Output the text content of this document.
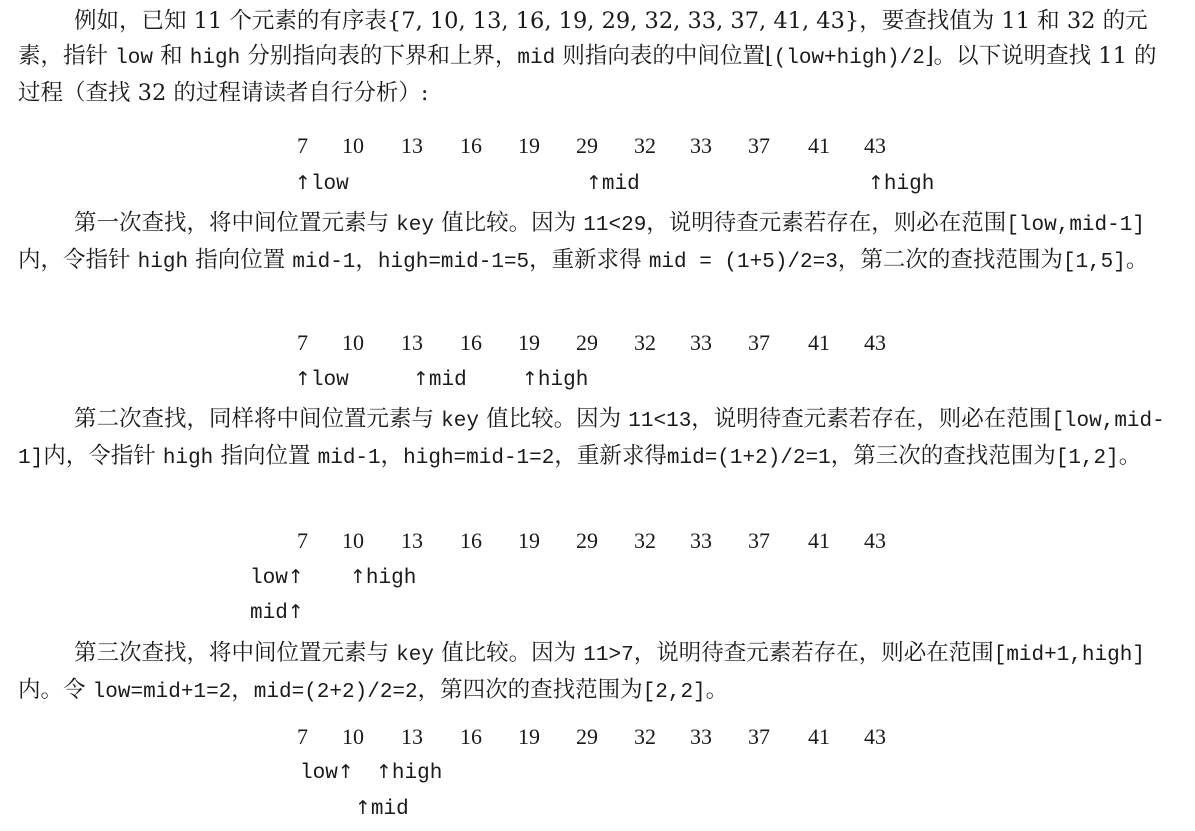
例如，已知 11 个元素的有序表{7, 10, 13, 16, 19, 29, 32, 33, 37, 41, 43}，要查找值为 11 和 32 的元素，指针 low 和 high 分别指向表的下界和上界，mid 则指向表的中间位置⌊(low+high)/2⌋。以下说明查找 11 的过程（查找 32 的过程请读者自行分析）:

7 10 13 16 19 29 32 33 37 41 43
↑low	↑mid	↑high

第一次查找，将中间位置元素与 key 值比较。因为 11<29，说明待查元素若存在，则必在范围[low,mid-1]内，令指针 high 指向位置 mid-1，high=mid-1=5，重新求得 mid = (1+5)/2=3，第二次的查找范围为[1,5]。

7 10 13 16 19 29 32 33 37 41 43
↑low	↑mid	↑high

第二次查找，同样将中间位置元素与 key 值比较。因为 11<13，说明待查元素若存在，则必在范围[low,mid-1]内，令指针 high 指向位置 mid-1，high=mid-1=2，重新求得mid=(1+2)/2=1，第三次的查找范围为[1,2]。

7 10 13 16 19 29 32 33 37 41 43
low↑ ↑high
mid↑

第三次查找，将中间位置元素与 key 值比较。因为 11>7，说明待查元素若存在，则必在范围[mid+1,high]内。令 low=mid+1=2，mid=(2+2)/2=2，第四次的查找范围为[2,2]。

7 10 13 16 19 29 32 33 37 41 43
low↑ ↑high
↑mid
